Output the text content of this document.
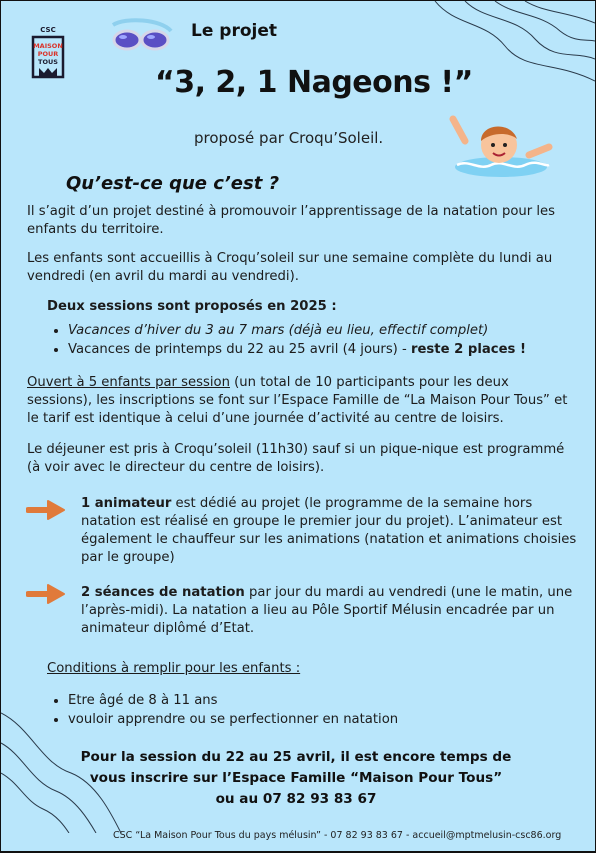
CSC
MAISON
POUR
TOUS
Le projet
“3, 2, 1 Nageons !”
proposé par Croqu’Soleil.
Qu’est-ce que c’est ?
Il s’agit d’un projet destiné à promouvoir l’apprentissage de la natation pour les enfants du territoire.
Les enfants sont accueillis à Croqu’soleil sur une semaine complète du lundi au vendredi (en avril du mardi au vendredi).
Deux sessions sont proposés en 2025 :
• Vacances d’hiver du 3 au 7 mars (déjà eu lieu, effectif complet)
• Vacances de printemps du 22 au 25 avril (4 jours) - reste 2 places !
Ouvert à 5 enfants par session (un total de 10 participants pour les deux sessions), les inscriptions se font sur l’Espace Famille de “La Maison Pour Tous” et le tarif est identique à celui d’une journée d’activité au centre de loisirs.
Le déjeuner est pris à Croqu’soleil (11h30) sauf si un pique-nique est programmé (à voir avec le directeur du centre de loisirs).
1 animateur est dédié au projet (le programme de la semaine hors natation est réalisé en groupe le premier jour du projet). L’animateur est également le chauffeur sur les animations (natation et animations choisies par le groupe)
2 séances de natation par jour du mardi au vendredi (une le matin, une l’après-midi). La natation a lieu au Pôle Sportif Mélusin encadrée par un animateur diplômé d’Etat.
Conditions à remplir pour les enfants :
• Etre âgé de 8 à 11 ans
• vouloir apprendre ou se perfectionner en natation
Pour la session du 22 au 25 avril, il est encore temps de
vous inscrire sur l’Espace Famille “Maison Pour Tous”
ou au 07 82 93 83 67
CSC “La Maison Pour Tous du pays mélusin” - 07 82 93 83 67 - accueil@mptmelusin-csc86.org
